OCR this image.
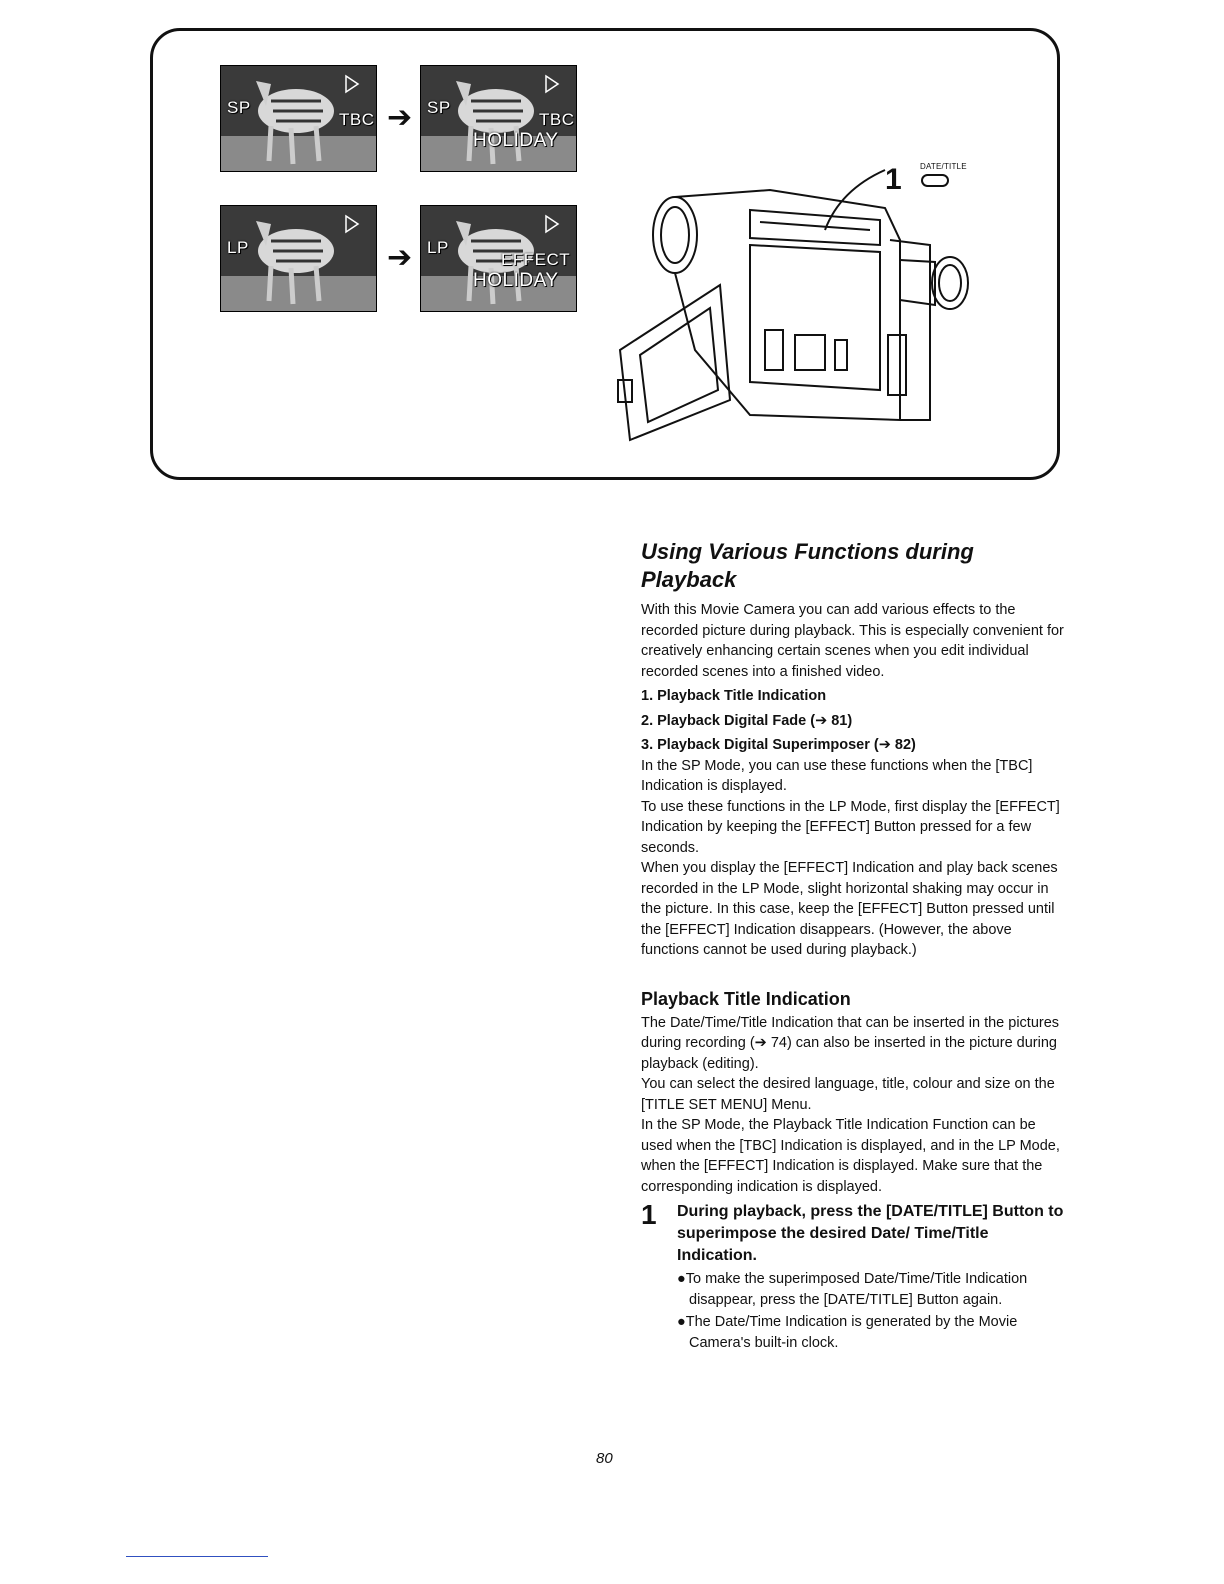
SP
TBC ➔ SP
TBC
HOLIDAY
LP	➔ LP
EFFECT
HOLIDAY
1 DATE/TITLE
Using Various Functions during Playback

With this Movie Camera you can add various effects to the recorded picture during playback. This is especially convenient for creatively enhancing certain scenes when you edit individual recorded scenes into a finished video.

1. Playback Title Indication
2. Playback Digital Fade (➔ 81)
3. Playback Digital Superimposer (➔ 82)

In the SP Mode, you can use these functions when the [TBC] Indication is displayed.

To use these functions in the LP Mode, first display the [EFFECT] Indication by keeping the [EFFECT] Button pressed for a few seconds.

When you display the [EFFECT] Indication and play back scenes recorded in the LP Mode, slight horizontal shaking may occur in the picture. In this case, keep the [EFFECT] Button pressed until the [EFFECT] Indication disappears. (However, the above functions cannot be used during playback.)

Playback Title Indication

The Date/Time/Title Indication that can be inserted in the pictures during recording (➔ 74) can also be inserted in the picture during playback (editing).

You can select the desired language, title, colour and size on the [TITLE SET MENU] Menu.

In the SP Mode, the Playback Title Indication Function can be used when the [TBC] Indication is displayed, and in the LP Mode, when the [EFFECT] Indication is displayed. Make sure that the corresponding indication is displayed.

1	During playback, press the [DATE/TITLE] Button to superimpose the desired Date/ Time/Title Indication.
●To make the superimposed Date/Time/Title Indication disappear, press the [DATE/TITLE] Button again.
●The Date/Time Indication is generated by the Movie Camera's built-in clock.
80
